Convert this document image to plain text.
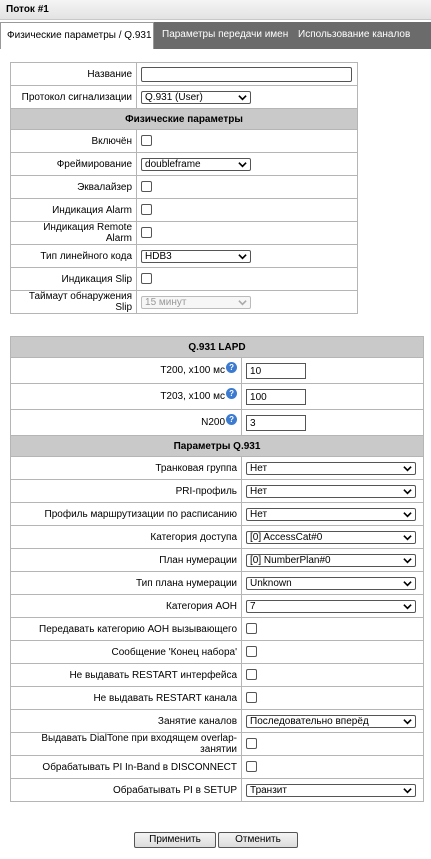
Поток #1
Физические параметры / Q.931	Параметры передачи имен Использование каналов
Название	

Протокол сигнализации	Q.931 (User)

Физические параметры	
Включён	
Фреймирование	doubleframe

Эквалайзер	
Индикация Alarm	
Индикация Remote Alarm	
Тип линейного кода	HDB3

Индикация Slip	
Таймаут обнаружения Slip	15 минут
Q.931 LAPD	
T200, x100 мс ?	10

T203, x100 мс ?	100

N200 ?	3

Параметры Q.931	
Транковая группа	Нет

PRI-профиль	Нет

Профиль маршрутизации по расписанию	Нет

Категория доступа	[0] AccessCat#0

План нумерации	[0] NumberPlan#0

Тип плана нумерации	Unknown

Категория АОН	7

Передавать категорию АОН вызывающего	
Сообщение 'Конец набора'	
Не выдавать RESTART интерфейса	
Не выдавать RESTART канала	
Занятие каналов	Последовательно вперёд

Выдавать DialTone при входящем overlap-занятии	
Обрабатывать PI In-Band в DISCONNECT	
Обрабатывать PI в SETUP	Транзит
Применить	Отменить
